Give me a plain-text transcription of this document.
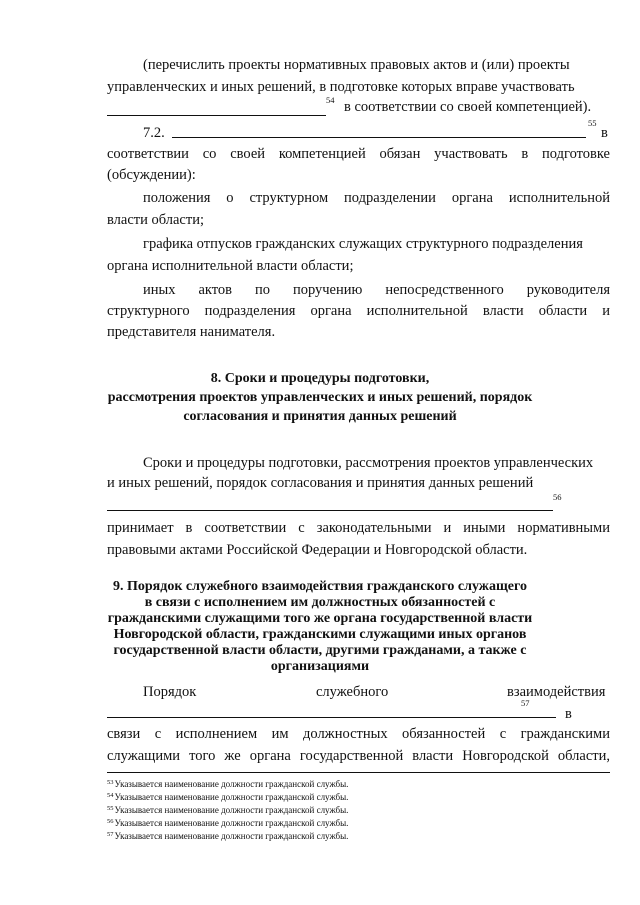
(перечислить проекты нормативных правовых актов и (или) проекты
управленческих и иных решений, в подготовке которых вправе участвовать
54 в соответствии со своей компетенцией).
7.2.
55
в
соответствии со своей компетенцией обязан участвовать в подготовке
(обсуждении):
положения о структурном подразделении органа исполнительной
власти области;
графика отпусков гражданских служащих структурного подразделения
органа исполнительной власти области;
иных актов по поручению непосредственного руководителя
структурного подразделения органа исполнительной власти области и
представителя нанимателя.
8. Сроки и процедуры подготовки,
рассмотрения проектов управленческих и иных решений, порядок
согласования и принятия данных решений
Сроки и процедуры подготовки, рассмотрения проектов управленческих
и иных решений, порядок согласования и принятия данных решений
56
принимает в соответствии с законодательными и иными нормативными
правовыми актами Российской Федерации и Новгородской области.
9. Порядок служебного взаимодействия гражданского служащего
в связи с исполнением им должностных обязанностей с
гражданскими служащими того же органа государственной власти
Новгородской области, гражданскими служащими иных органов
государственной власти области, другими гражданами, а также с
организациями
Порядок	служебного	взаимодействия
57
в
связи с исполнением им должностных обязанностей с гражданскими
служащими того же органа государственной власти Новгородской области,
$^{53}$Указывается наименование должности гражданской службы.
$^{54}$Указывается наименование должности гражданской службы.
$^{55}$Указывается наименование должности гражданской службы.
$^{56}$Указывается наименование должности гражданской службы.
$^{57}$Указывается наименование должности гражданской службы.
